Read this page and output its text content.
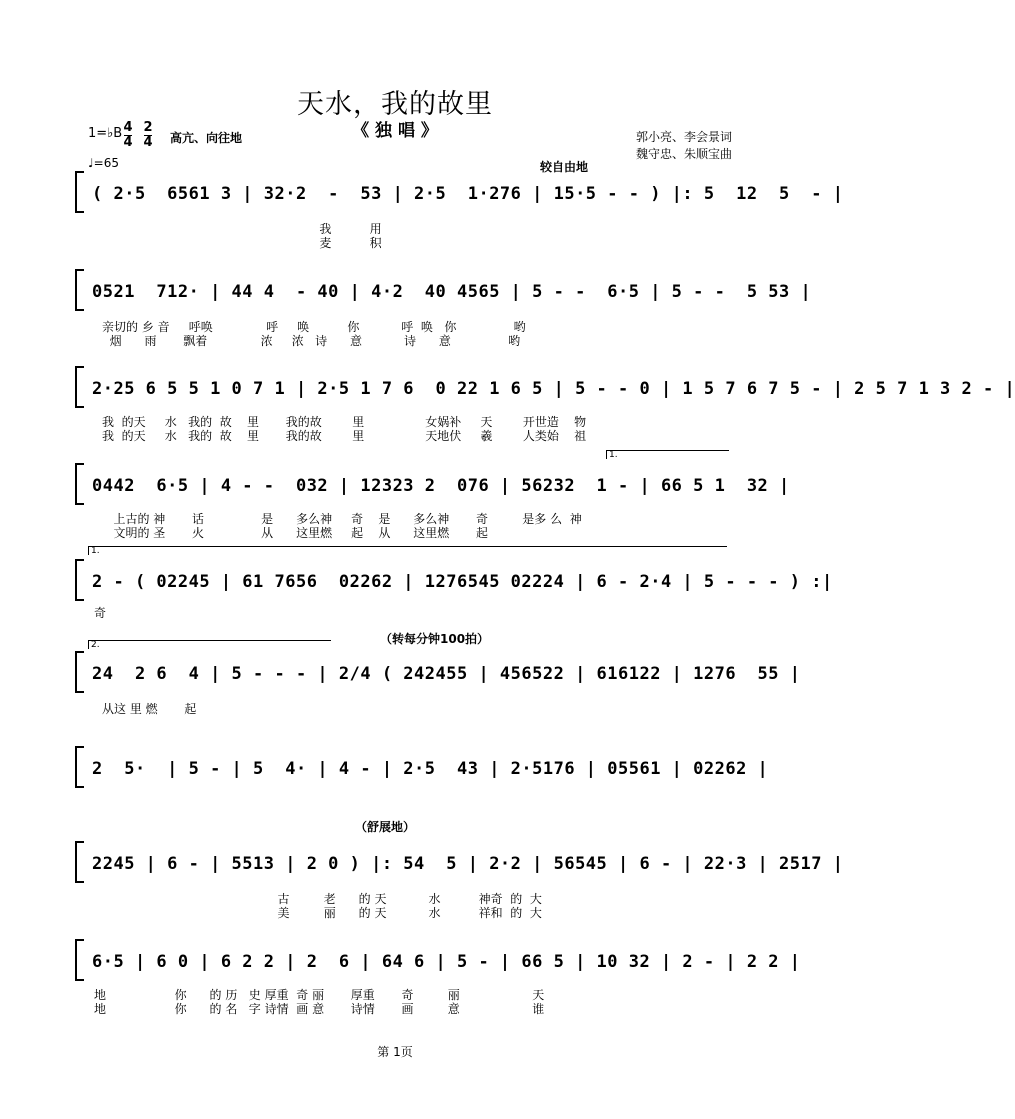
天水，我的故里
《 独 唱 》	郭小亮、李会景词
魏守忠、朱顺宝曲
1=♭B 4
4
2
4 高亢、向往地
♩=65	较自由地
( 2·5  6561 3 | 32·2  -  53 | 2·5  1·276 | 15·5 - - ) |: 5  12  5  - |
我          用
麦          积
0521  712· | 44 4  - 40 | 4·2  40 4565 | 5 - -  6·5 | 5 - -  5 53 |
亲切的 乡 音     呼唤              呼     唤          你           呼  唤   你               哟
烟      雨       飘着              浓     浓   诗      意           诗      意               哟
2·25 6 5 5 1 0 7 1 | 2·5 1 7 6  0 22 1 6 5 | 5 - - 0 | 1 5 7 6 7 5 - | 2 5 7 1 3 2 - |
我  的天     水   我的  故    里       我的故        里                女娲补     天        开世造    物
我  的天     水   我的  故    里       我的故        里                天地伏     羲        人类始    祖
1.
0442  6·5 | 4 - -  032 | 12323 2  076 | 56232  1 - | 66 5 1  32 |
上古的 神       话               是      多么神     奇    是      多么神       奇         是多 么  神
文明的 圣       火               从      这里燃     起    从      这里燃       起
1.
2 - ( 02245 | 61 7656  02262 | 1276545 02224 | 6 - 2·4 | 5 - - - ) :|
奇
（转每分钟100拍）
2.
24  2 6  4 | 5 - - - | 2/4 ( 242455 | 456522 | 616122 | 1276  55 |
从这 里 燃       起
2  5·  | 5 - | 5  4· | 4 - | 2·5  43 | 2·5176 | 05561 | 02262 |
（舒展地）
2245 | 6 - | 5513 | 2 0 ) |: 54  5 | 2·2 | 56545 | 6 - | 22·3 | 2517 |
古         老      的 天           水          神奇  的  大
美         丽      的 天           水          祥和  的  大
6·5 | 6 0 | 6 2 2 | 2  6 | 64 6 | 5 - | 66 5 | 10 32 | 2 - | 2 2 |
地                  你      的 历   史 厚重  奇 丽       厚重       奇         丽                   天
地                  你      的 名   字 诗情  画 意       诗情       画         意                   谁
第 1页
